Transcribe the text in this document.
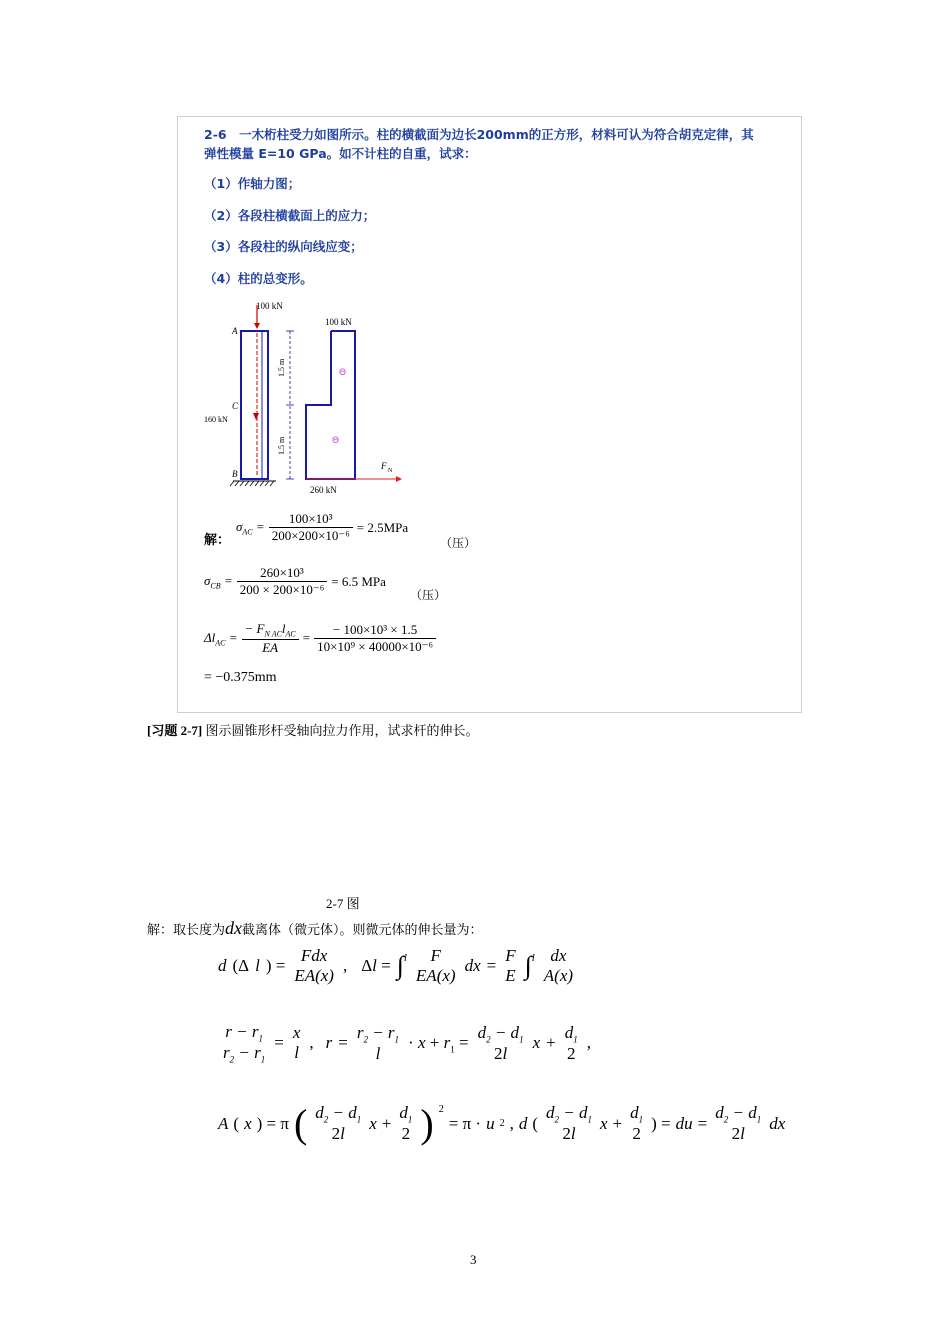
2-6　一木桁柱受力如图所示。柱的横截面为边长200mm的正方形，材料可认为符合胡克定律，其
弹性模量 E=10 GPa。如不计柱的自重，试求：
（1）作轴力图；
（2）各段柱横截面上的应力；
（3）各段柱的纵向线应变；
（4）柱的总变形。
100 kN
A
C
B
160 kN
1.5 m
1.5 m
100 kN
F N
Θ
Θ
260 kN
解：
$\sigma_{AC} = \frac{\text{100×10³}}{\text{200×200×10⁻⁶}} = 2.5MPa$
（压）
$\sigma_{CB} = \frac{\text{260×10³}}{\text{200 × 200×10⁻⁶}} = 6.5$ MPa
（压）
$\Delta l_{AC} = \frac{- F_{N AC}l_{AC}}{EA} = \frac{\text{− 100×10³ × 1.5}}{\text{10×10⁹ × 40000×10⁻⁶}}$
= −0.375mm
[习题 2-7] 图示圆锥形杆受轴向拉力作用，试求杆的伸长。
2-7 图
解：取长度为dx截离体（微元体）。则微元体的伸长量为：
d (Δ l ) =
Fdx
EA(x)
, Δl = ∫ l	F
EA(x)
dx =
F
E ∫ l dx
A(x)
$r - r_1$
$r_2 - r_1$
=
x
l
, r =
$r_2 - r_1$
l
· $x + r_1$ =
$d_2 - d_1$
2l
x +
$d_1$
2
,
A ( x ) = π ( $d_2 - d_1$
2l
x +
$d_1$
2 ) $^2$
= π · u 2 , d (
$d_2 - d_1$
2l
x +
$d_1$
2
) = du =
$d_2 - d_1$
2l
dx
3
